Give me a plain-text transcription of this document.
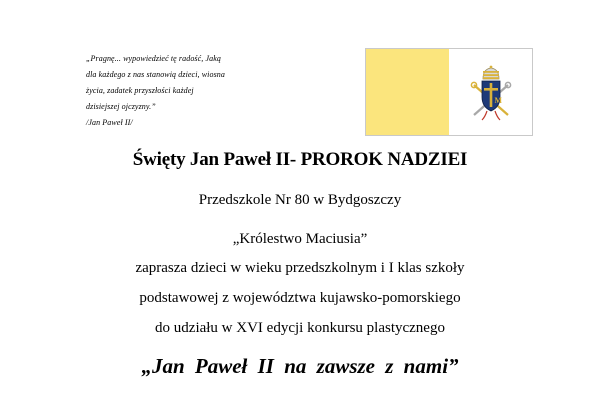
„Pragnę... wypowiedzieć tę radość, Jaką
dla każdego z nas stanowią dzieci, wiosna
życia, zadatek przyszłości każdej
dzisiejszej ojczyzny.”
/Jan Paweł II/
M
Święty Jan Paweł II- PROROK NADZIEI
Przedszkole Nr 80 w Bydgoszczy
„Królestwo Maciusia”
zaprasza dzieci w wieku przedszkolnym i I klas szkoły
podstawowej z województwa kujawsko-pomorskiego
do udziału w XVI edycji konkursu plastycznego
„Jan Paweł II na zawsze z nami”
